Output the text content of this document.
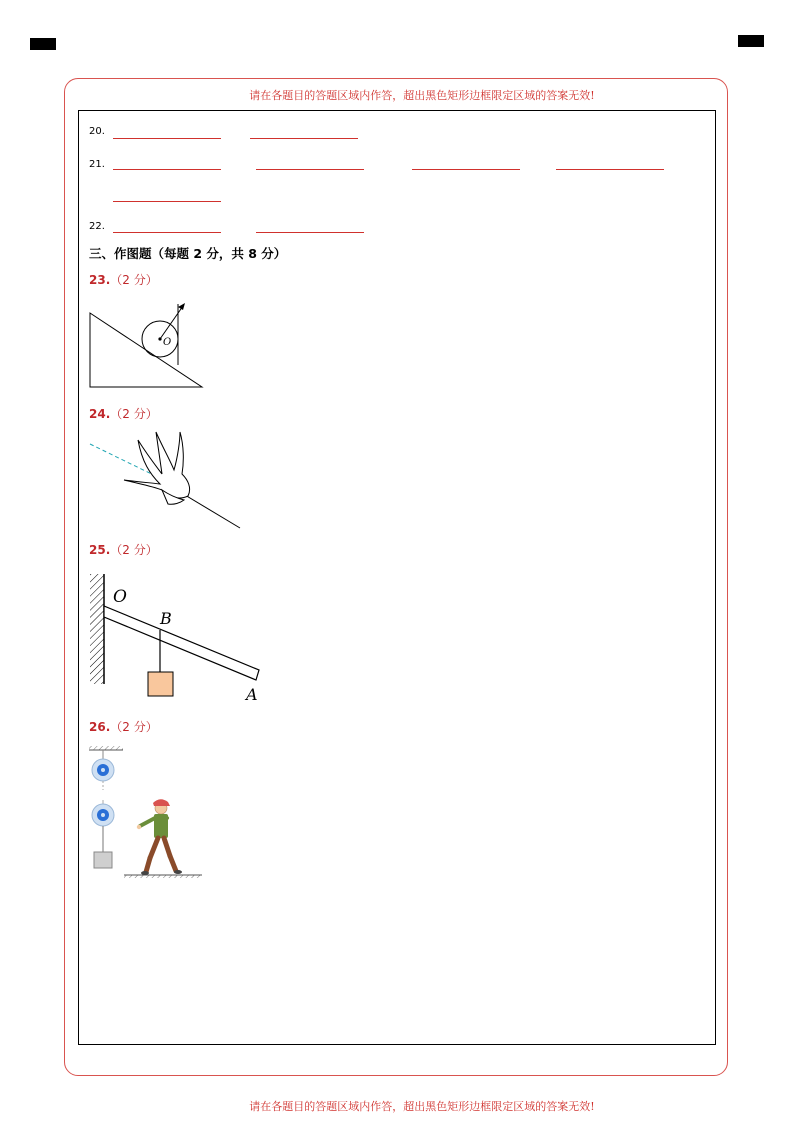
请在各题目的答题区域内作答，超出黑色矩形边框限定区域的答案无效!
请在各题目的答题区域内作答，超出黑色矩形边框限定区域的答案无效!
20.
21.
22.
三、作图题（每题 2 分，共 8 分）
23.（2 分）
O
24.（2 分）
25.（2 分）
O
B
A
26.（2 分）
